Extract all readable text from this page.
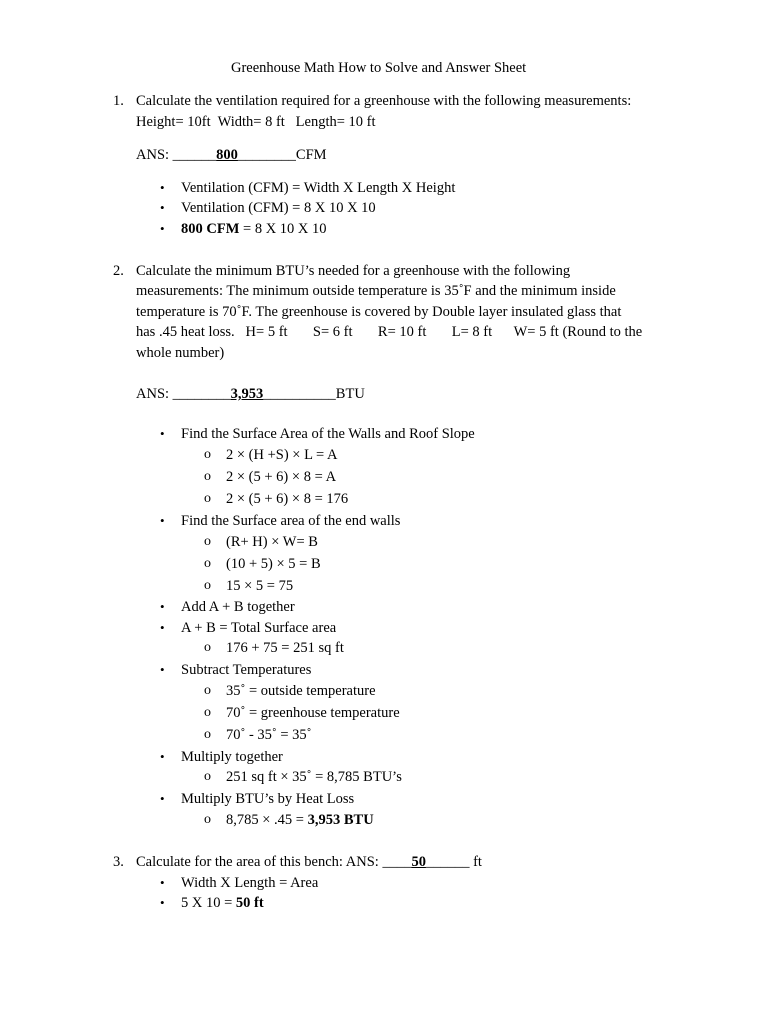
Greenhouse Math How to Solve and Answer Sheet
1. Calculate the ventilation required for a greenhouse with the following measurements:
Height= 10ft  Width= 8 ft   Length= 10 ft
ANS: ______800________CFM
• Ventilation (CFM) = Width X Length X Height
• Ventilation (CFM) = 8 X 10 X 10
• 800 CFM = 8 X 10 X 10
2. Calculate the minimum BTU’s needed for a greenhouse with the following
measurements: The minimum outside temperature is 35˚F and the minimum inside
temperature is 70˚F. The greenhouse is covered by Double layer insulated glass that
has .45 heat loss.   H= 5 ft       S= 6 ft       R= 10 ft       L= 8 ft      W= 5 ft (Round to the
whole number)
ANS: ________3,953__________BTU
• Find the Surface Area of the Walls and Roof Slope
o 2 × (H +S) × L = A
o 2 × (5 + 6) × 8 = A
o 2 × (5 + 6) × 8 = 176
• Find the Surface area of the end walls
o (R+ H) × W= B
o (10 + 5) × 5 = B
o 15 × 5 = 75
• Add A + B together
• A + B = Total Surface area
o 176 + 75 = 251 sq ft
• Subtract Temperatures
o 35˚ = outside temperature
o 70˚ = greenhouse temperature
o 70˚ - 35˚ = 35˚
• Multiply together
o 251 sq ft × 35˚ = 8,785 BTU’s
• Multiply BTU’s by Heat Loss
o 8,785 × .45 = 3,953 BTU
3. Calculate for the area of this bench: ANS: ____50______ ft
• Width X Length = Area
• 5 X 10 = 50 ft
